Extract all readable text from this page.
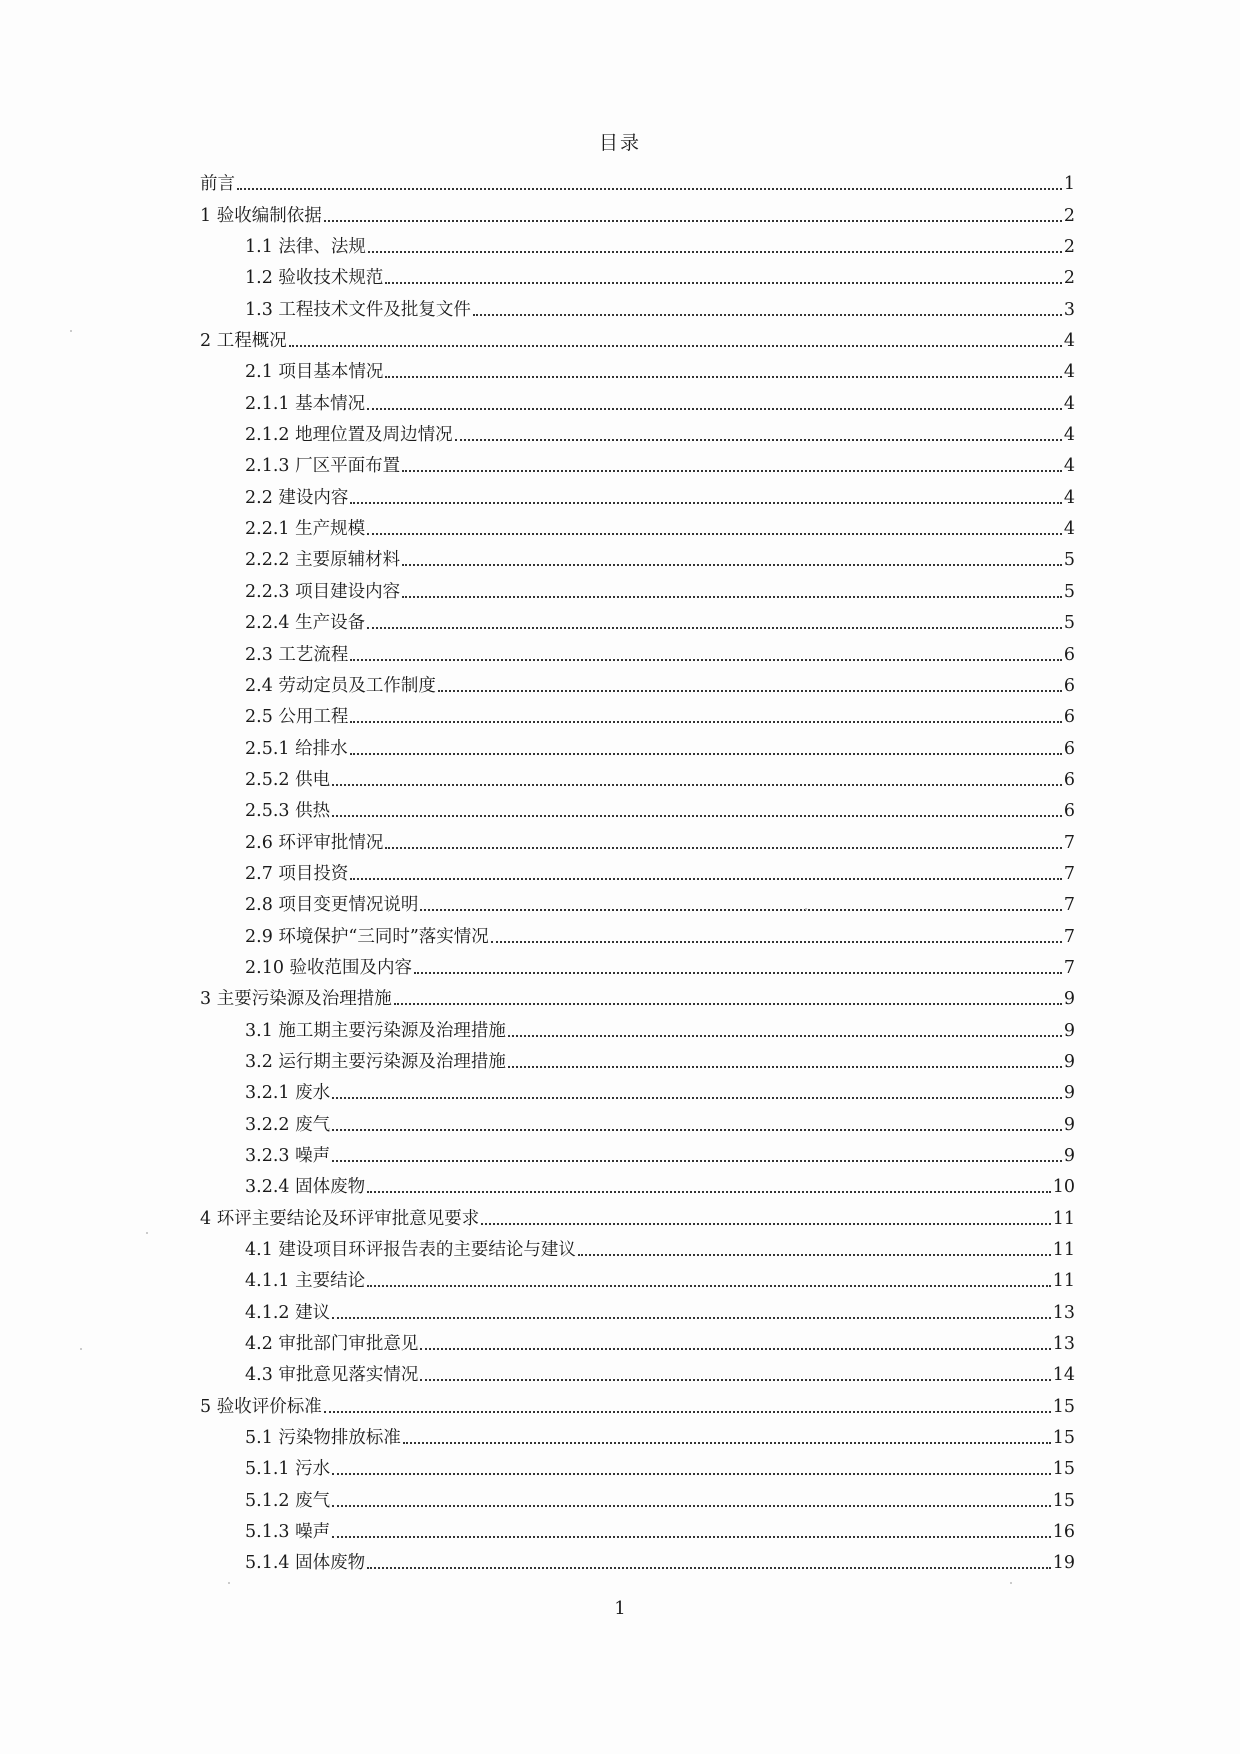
目录
前言	1
1 验收编制依据	2
1.1 法律、法规	2
1.2 验收技术规范	2
1.3 工程技术文件及批复文件	3
2 工程概况	4
2.1 项目基本情况	4
2.1.1 基本情况	4
2.1.2 地理位置及周边情况	4
2.1.3 厂区平面布置	4
2.2 建设内容	4
2.2.1 生产规模	4
2.2.2 主要原辅材料	5
2.2.3 项目建设内容	5
2.2.4 生产设备	5
2.3 工艺流程	6
2.4 劳动定员及工作制度	6
2.5 公用工程	6
2.5.1 给排水	6
2.5.2 供电	6
2.5.3 供热	6
2.6 环评审批情况	7
2.7 项目投资	7
2.8 项目变更情况说明	7
2.9 环境保护“三同时”落实情况	7
2.10 验收范围及内容	7
3 主要污染源及治理措施	9
3.1 施工期主要污染源及治理措施	9
3.2 运行期主要污染源及治理措施	9
3.2.1 废水	9
3.2.2 废气	9
3.2.3 噪声	9
3.2.4 固体废物	10
4 环评主要结论及环评审批意见要求	11
4.1 建设项目环评报告表的主要结论与建议	11
4.1.1 主要结论	11
4.1.2 建议	13
4.2 审批部门审批意见	13
4.3 审批意见落实情况	14
5 验收评价标准	15
5.1 污染物排放标准	15
5.1.1 污水	15
5.1.2 废气	15
5.1.3 噪声	16
5.1.4 固体废物	19
1
